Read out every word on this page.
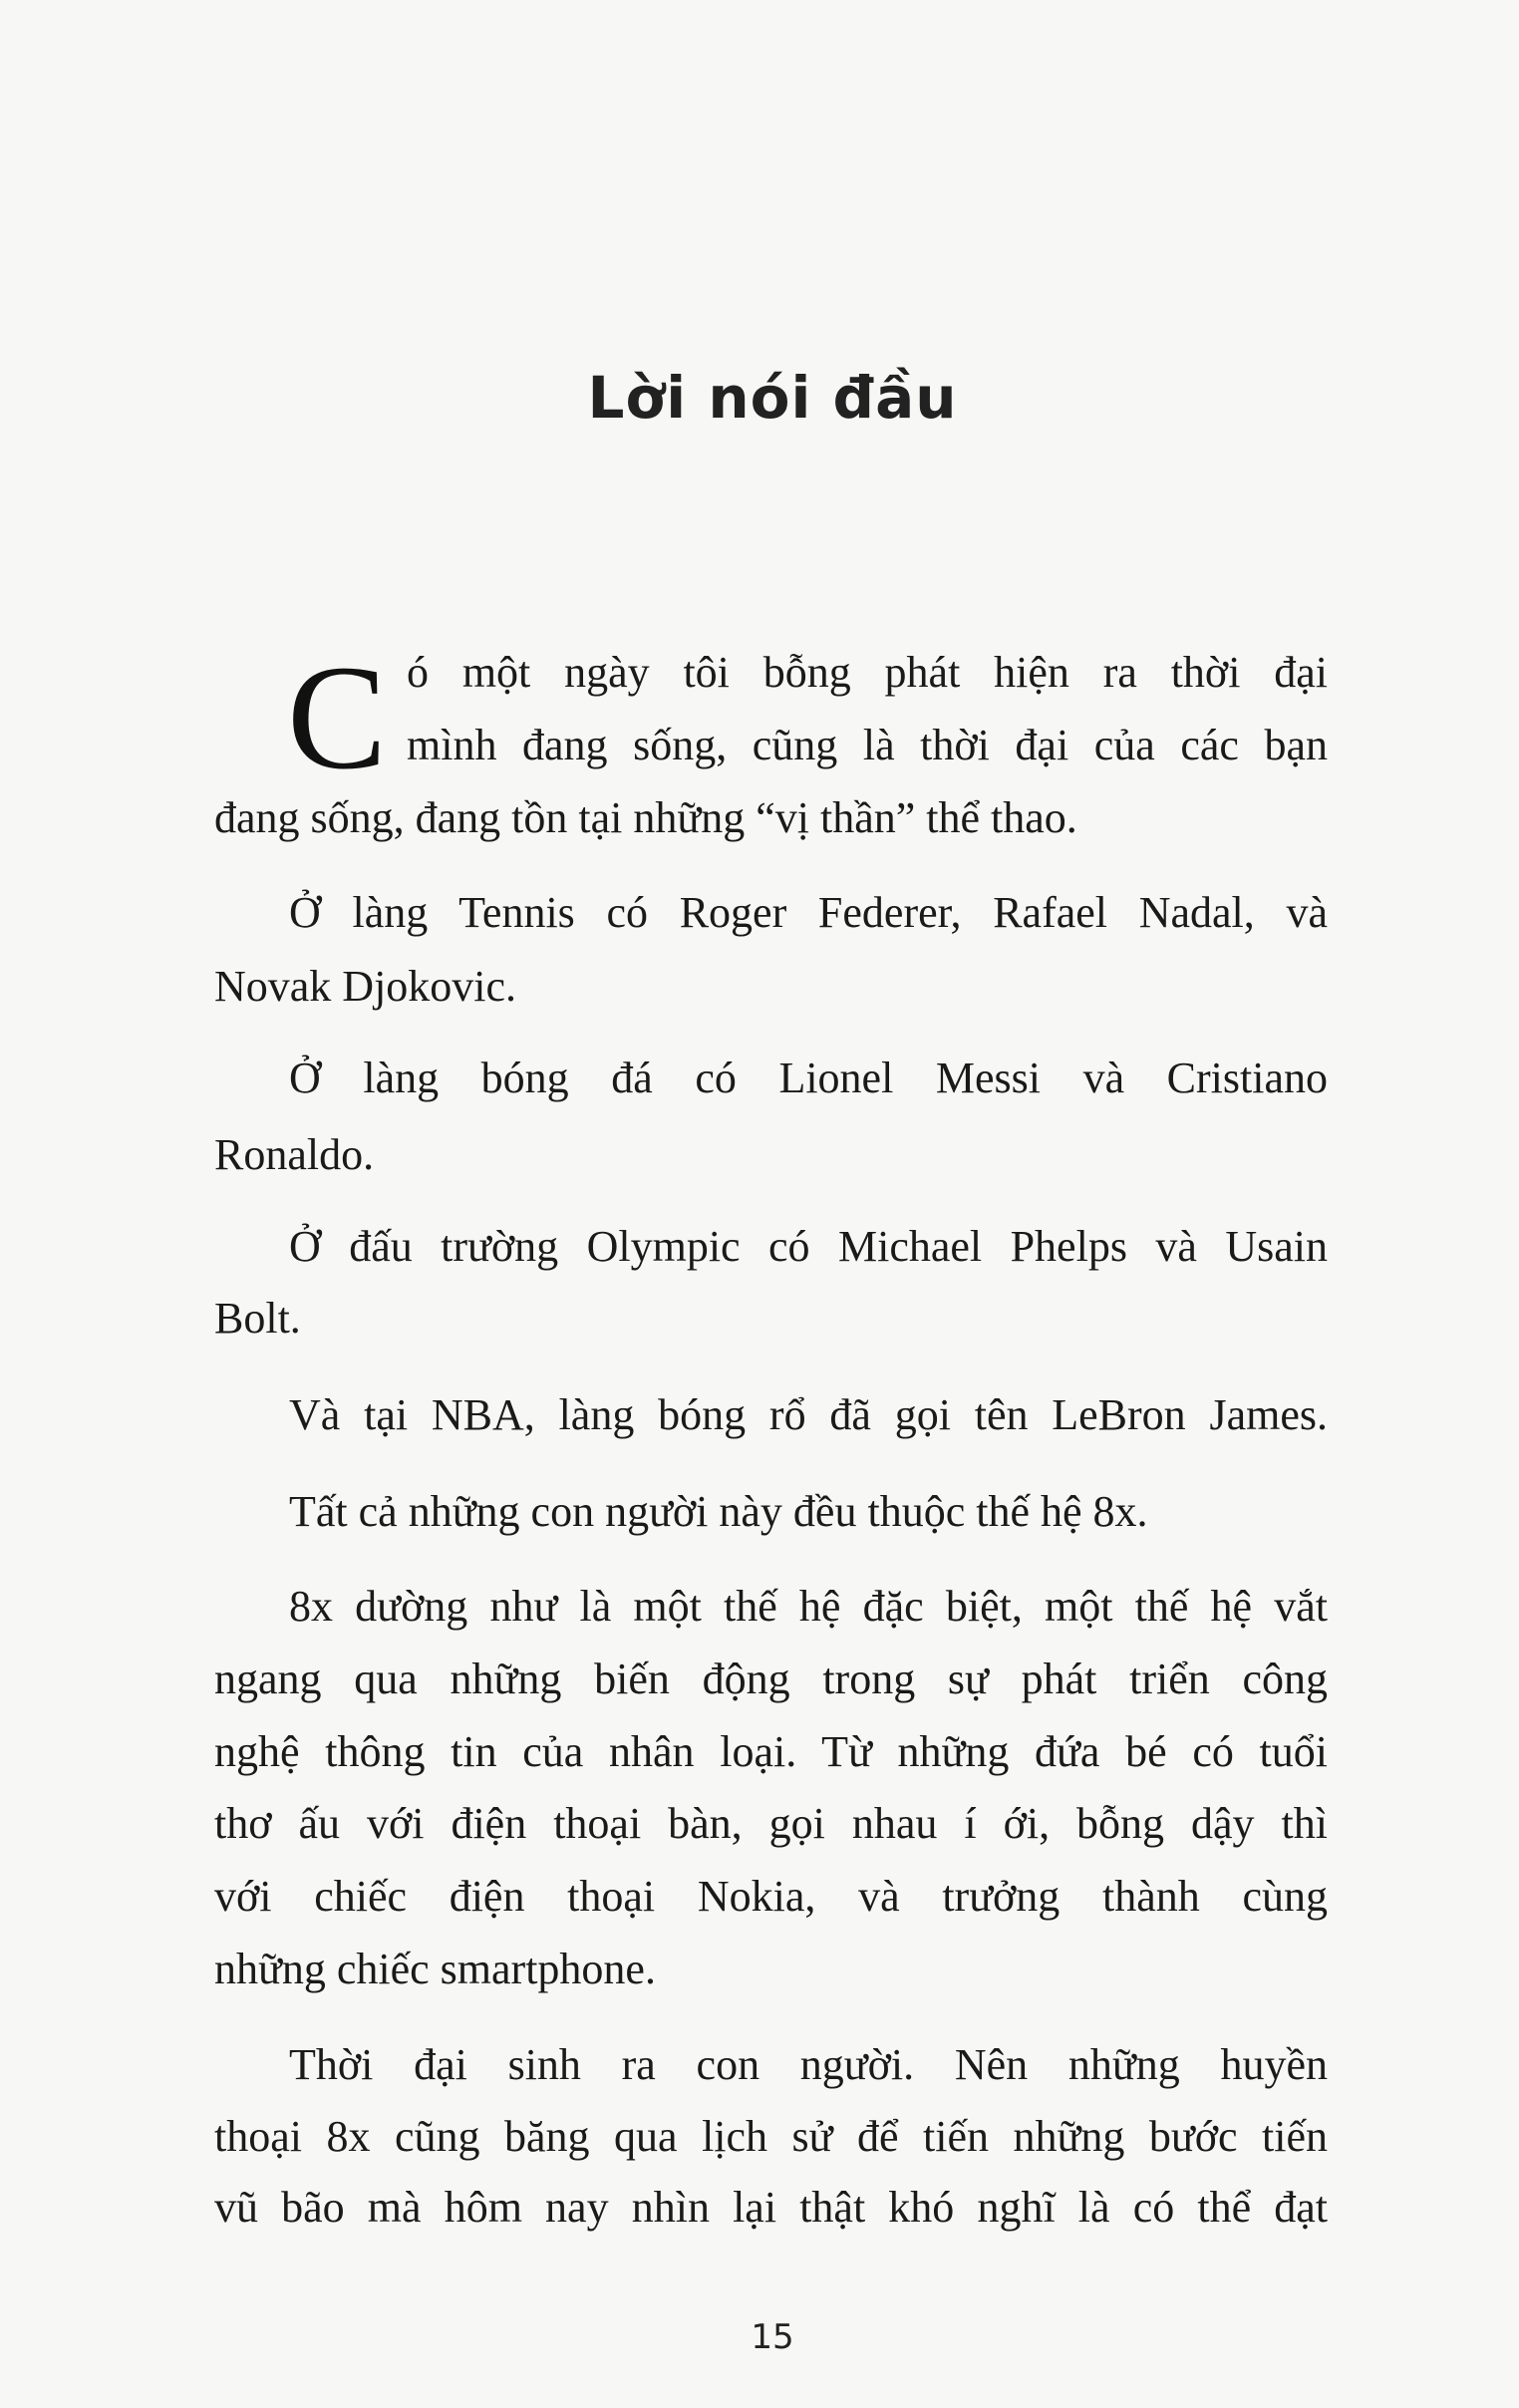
Lời nói đầu
C ó một ngày tôi bỗng phát hiện ra thời đại
mình đang sống, cũng là thời đại của các bạn
đang sống, đang tồn tại những “vị thần” thể thao.
Ở làng Tennis có Roger Federer, Rafael Nadal, và
Novak Djokovic.
Ở làng bóng đá có Lionel Messi và Cristiano
Ronaldo.
Ở đấu trường Olympic có Michael Phelps và Usain
Bolt.
Và tại NBA, làng bóng rổ đã gọi tên LeBron James.
Tất cả những con người này đều thuộc thế hệ 8x.
8x dường như là một thế hệ đặc biệt, một thế hệ vắt
ngang qua những biến động trong sự phát triển công
nghệ thông tin của nhân loại. Từ những đứa bé có tuổi
thơ ấu với điện thoại bàn, gọi nhau í ới, bỗng dậy thì
với chiếc điện thoại Nokia, và trưởng thành cùng
những chiếc smartphone.
Thời đại sinh ra con người. Nên những huyền
thoại 8x cũng băng qua lịch sử để tiến những bước tiến
vũ bão mà hôm nay nhìn lại thật khó nghĩ là có thể đạt
15
